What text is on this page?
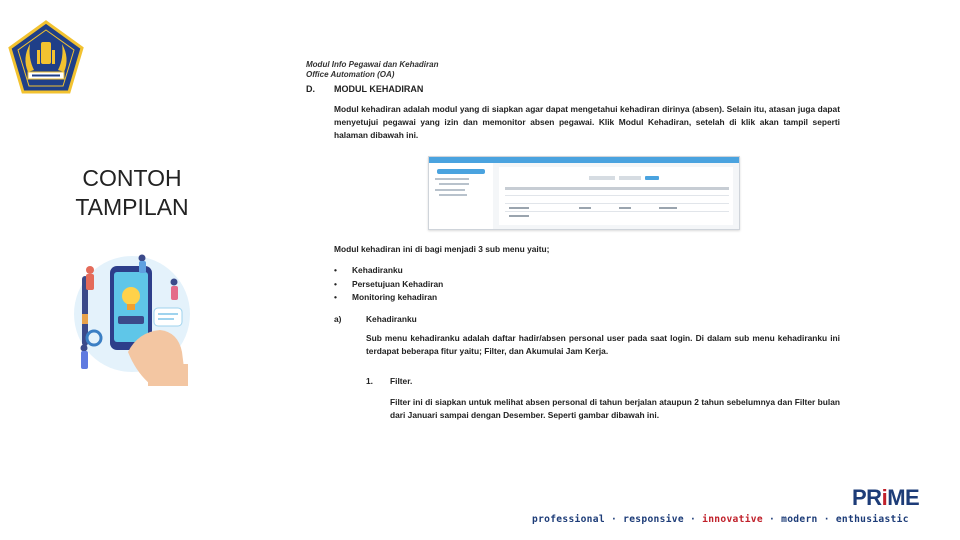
CONTOH
TAMPILAN
Modul Info Pegawai dan Kehadiran
Office Automation (OA)
D. MODUL KEHADIRAN
Modul kehadiran adalah modul yang di siapkan agar dapat mengetahui kehadiran dirinya (absen). Selain itu, atasan juga dapat menyetujui pegawai yang izin dan memonitor absen pegawai. Klik Modul Kehadiran, setelah di klik akan tampil seperti halaman dibawah ini.
Modul kehadiran ini di bagi menjadi 3 sub menu yaitu;
• Kehadiranku
• Persetujuan Kehadiran
• Monitoring kehadiran
a)	Kehadiranku
Sub menu kehadiranku adalah daftar hadir/absen personal user pada saat login. Di dalam sub menu kehadiranku ini terdapat beberapa fitur yaitu; Filter, dan Akumulai Jam Kerja.
1. Filter.
Filter ini di siapkan untuk melihat absen personal di tahun berjalan ataupun 2 tahun sebelumnya dan Filter bulan dari Januari sampai dengan Desember. Seperti gambar dibawah ini.
PRiME
professional · responsive · innovative · modern · enthusiastic
